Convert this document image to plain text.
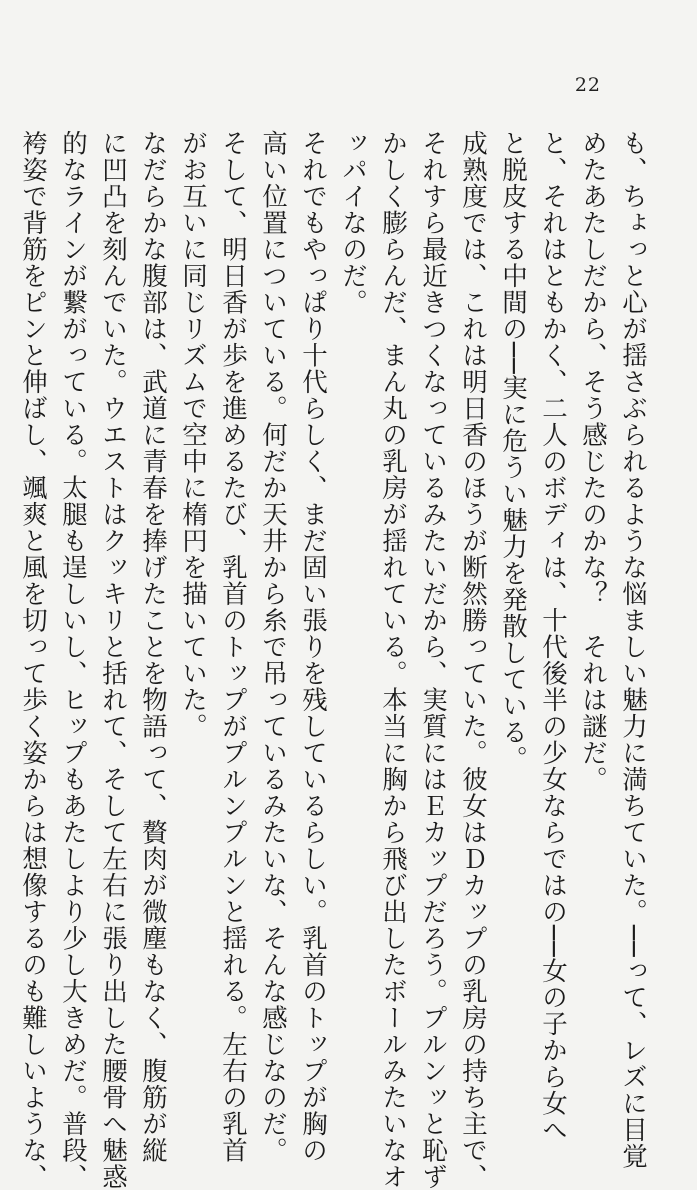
22

も、ちょっと心が揺さぶられるような悩ましい魅力に満ちていた。──って、レズに目覚

めたあたしだから、そう感じたのかな？　それは謎だ。

と、それはともかく、二人のボディは、十代後半の少女ならではの──女の子から女へ

と脱皮する中間の──実に危うい魅力を発散している。

成熟度では、これは明日香のほうが断然勝っていた。彼女はＤカップの乳房の持ち主で、

それすら最近きつくなっているみたいだから、実質にはＥカップだろう。プルンッと恥ず

かしく膨らんだ、まん丸の乳房が揺れている。本当に胸から飛び出したボールみたいなオ

ッパイなのだ。

それでもやっぱり十代らしく、まだ固い張りを残しているらしい。乳首のトップが胸の

高い位置についている。何だか天井から糸で吊っているみたいな、そんな感じなのだ。

そして、明日香が歩を進めるたび、乳首のトップがプルンプルンと揺れる。左右の乳首

がお互いに同じリズムで空中に楕円を描いていた。

なだらかな腹部は、武道に青春を捧げたことを物語って、贅肉が微塵もなく、腹筋が縦

に凹凸を刻んでいた。ウエストはクッキリと括れて、そして左右に張り出した腰骨へ魅惑

的なラインが繋がっている。太腿も逞しいし、ヒップもあたしより少し大きめだ。普段、

袴姿で背筋をピンと伸ばし、颯爽と風を切って歩く姿からは想像するのも難しいような、
